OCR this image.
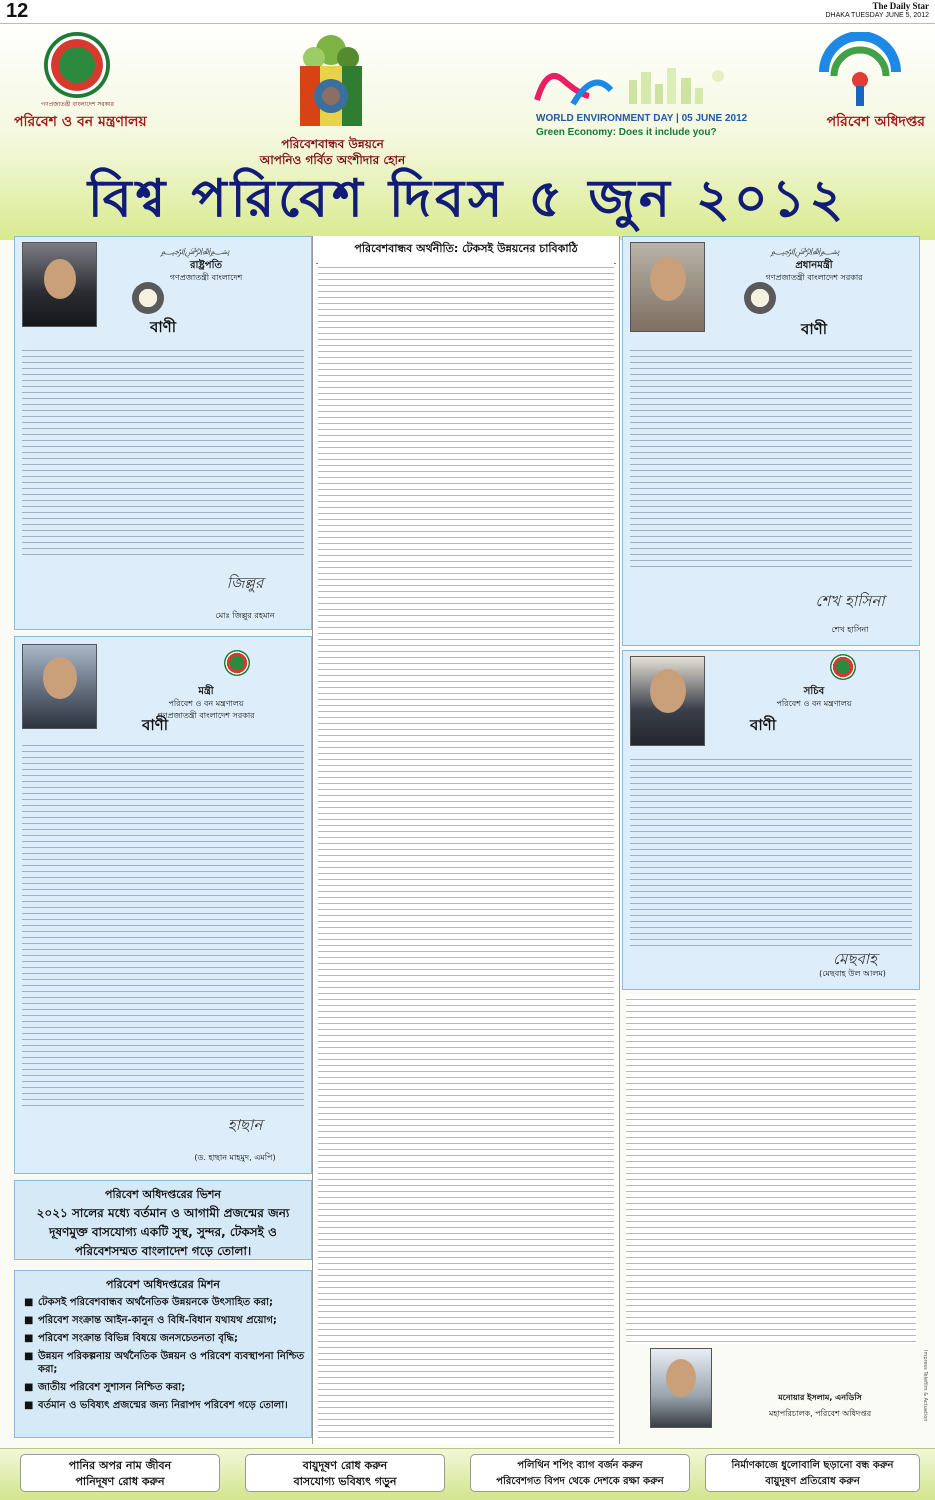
12	The Daily Star
DHAKA TUESDAY JUNE 5, 2012
গণপ্রজাতন্ত্রী বাংলাদেশ সরকার
পরিবেশ ও বন মন্ত্রণালয়
পরিবেশবান্ধব উন্নয়নে
আপনিও গর্বিত অংশীদার হোন
WORLD ENVIRONMENT DAY | 05 JUNE 2012
Green Economy: Does it include you?
পরিবেশ অধিদপ্তর
বিশ্ব পরিবেশ দিবস ৫ জুন ২০১২
﷽
রাষ্ট্রপতি
গণপ্রজাতন্ত্রী বাংলাদেশ
বাণী
জিল্লুর
মোঃ জিল্লুর রহমান
মন্ত্রী
পরিবেশ ও বন মন্ত্রণালয়
গণপ্রজাতন্ত্রী বাংলাদেশ সরকার
বাণী
হাছান
(ড. হাছান মাহমুদ, এমপি)
পরিবেশ অধিদপ্তরের ভিশন
২০২১ সালের মধ্যে বর্তমান ও আগামী প্রজন্মের জন্য দূষণমুক্ত বাসযোগ্য একটি সুস্থ, সুন্দর, টেকসই ও পরিবেশসম্মত বাংলাদেশ গড়ে তোলা।
পরিবেশ অধিদপ্তরের মিশন
■ টেকসই পরিবেশবান্ধব অর্থনৈতিক উন্নয়নকে উৎসাহিত করা;
■ পরিবেশ সংক্রান্ত আইন-কানুন ও বিধি-বিধান যথাযথ প্রয়োগ;
■ পরিবেশ সংক্রান্ত বিভিন্ন বিষয়ে জনসচেতনতা বৃদ্ধি;
■ উন্নয়ন পরিকল্পনায় অর্থনৈতিক উন্নয়ন ও পরিবেশ ব্যবস্থাপনা নিশ্চিত করা;
■ জাতীয় পরিবেশ সুশাসন নিশ্চিত করা;
■ বর্তমান ও ভবিষ্যৎ প্রজন্মের জন্য নিরাপদ পরিবেশ গড়ে তোলা।
পরিবেশবান্ধব অর্থনীতি: টেকসই উন্নয়নের চাবিকাঠি	﷽
প্রধানমন্ত্রী
গণপ্রজাতন্ত্রী বাংলাদেশ সরকার
বাণী
শেখ হাসিনা
শেখ হাসিনা
সচিব
পরিবেশ ও বন মন্ত্রণালয়
বাণী
মেছবাহ
(মেছবাহ উল আলম)
মনোয়ার ইসলাম, এনডিসি
মহাপরিচালক, পরিবেশ অধিদপ্তর	Impress Telefilm & Actuation
পানির অপর নাম জীবন
পানিদূষণ রোধ করুন
বায়ুদূষণ রোধ করুন
বাসযোগ্য ভবিষ্যৎ গড়ুন
পলিথিন শপিং ব্যাগ বর্জন করুন
পরিবেশগত বিপদ থেকে দেশকে রক্ষা করুন
নির্মাণকাজে ধুলোবালি ছড়ানো বন্ধ করুন
বায়ুদূষণ প্রতিরোধ করুন
